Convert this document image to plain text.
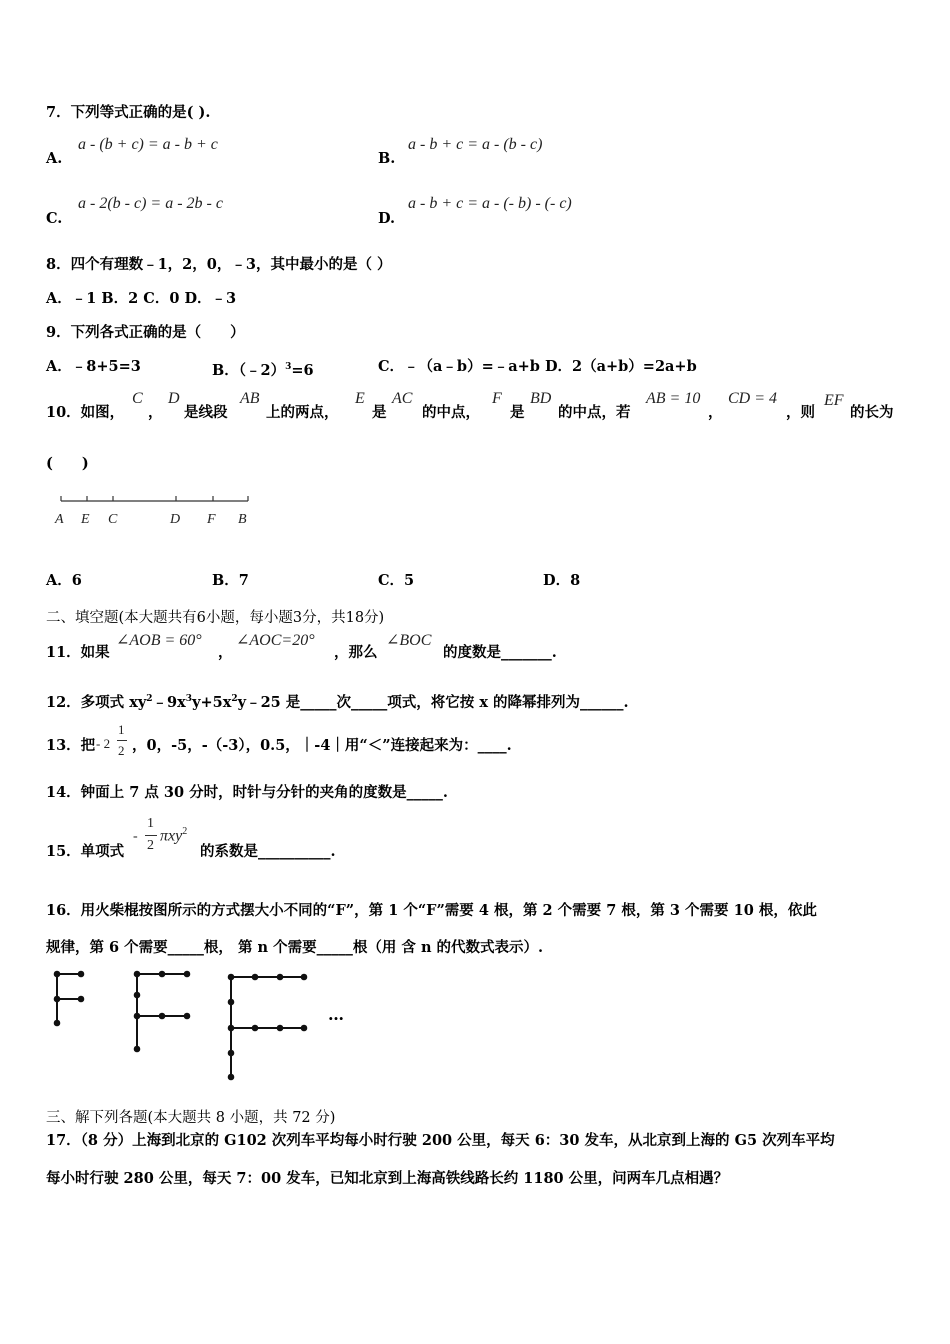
7．下列等式正确的是( ).
A.
a - (b + c) = a - b + c
B.
a - b + c = a - (b - c)
C.
a - 2(b - c) = a - 2b - c
D.
a - b + c = a - (- b) - (- c)
8．四个有理数﹣1，2，0，﹣3，其中最小的是（ ）
A．﹣1 B．2 C．0 D．﹣3
9．下列各式正确的是（　　）
A．﹣8+5=3	B．（﹣2）$^3$=6	C．﹣（a﹣b）=﹣a+b D．2（a+b）=2a+b
10．如图，
C
，
D
是线段
AB
上的两点，
E
是
AC
的中点，
F
是
BD
的中点，若
AB = 10
，
CD = 4
，则
EF
的长为
(　　)
A E C	D F B
A．6	B．7	C．5	D．8
二、填空题(本大题共有6小题，每小题3分，共18分)
11．如果
∠AOB = 60°
，
∠AOC=20°
，那么
∠BOC
的度数是_______.
12．多项式 $xy^2﹣9x^3y+5x^2y﹣25$ 是_____次_____项式，将它按 x 的降幂排列为______.
13．把 - 2
1
2 ，0，-5，-（-3），0.5，｜-4｜用“＜”连接起来为：____.
14．钟面上 7 点 30 分时，时针与分针的夹角的度数是_____.
15．单项式
-
1
2
πxy$^2$
的系数是__________.
16．用火柴棍按图所示的方式摆大小不同的“F”，第 1 个“F”需要 4 根，第 2 个需要 7 根，第 3 个需要 10 根，依此
规律，第 6 个需要_____根， 第 n 个需要_____根（用 含 n 的代数式表示）.
…
三、解下列各题(本大题共 8 小题，共 72 分)
17．（8 分）上海到北京的 G102 次列车平均每小时行驶 200 公里，每天 6：30 发车，从北京到上海的 G5 次列车平均
每小时行驶 280 公里，每天 7：00 发车，已知北京到上海高铁线路长约 1180 公里，问两车几点相遇？
